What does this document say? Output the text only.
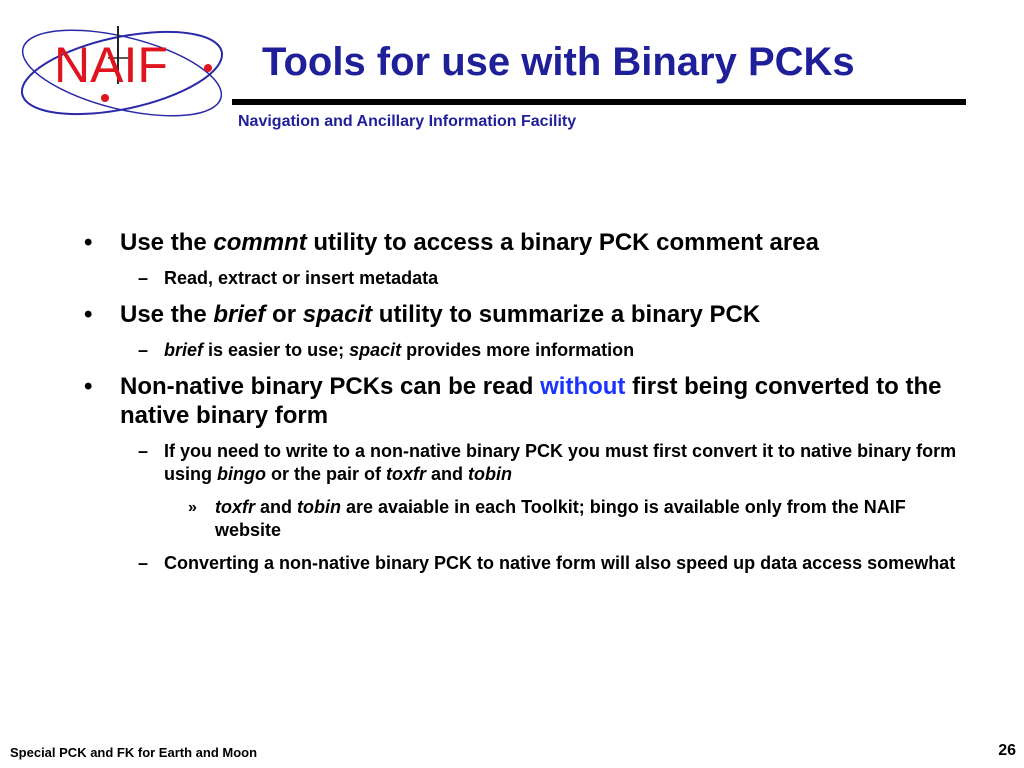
NAIF Tools for use with Binary PCKs
Navigation and Ancillary Information Facility
• Use the commnt utility to access a binary PCK comment area
– Read, extract or insert metadata
• Use the brief or spacit utility to summarize a binary PCK
– brief is easier to use; spacit provides more information
• Non-native binary PCKs can be read without first being converted to the native binary form
– If you need to write to a non-native binary PCK you must first convert it to native binary form using bingo or the pair of toxfr and tobin
» toxfr and tobin are avaiable in each Toolkit; bingo is available only from the NAIF website
– Converting a non-native binary PCK to native form will also speed up data access somewhat
Special PCK and FK for Earth and Moon	26
